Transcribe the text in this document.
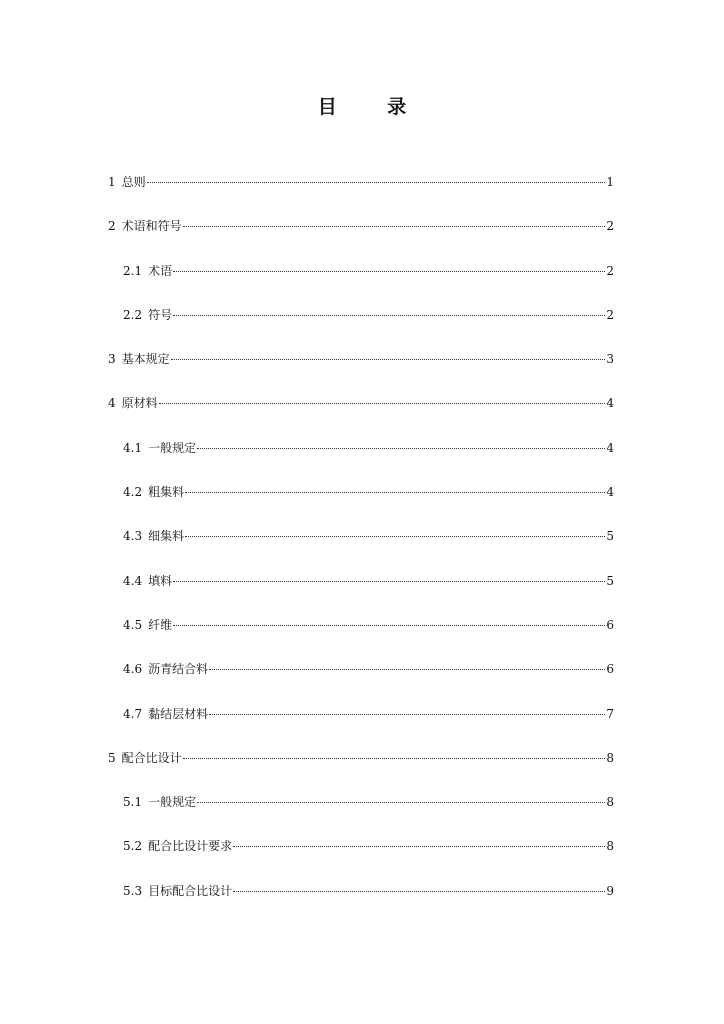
目 录
1 总则	1
2 术语和符号	2
2.1 术语	2
2.2 符号	2
3 基本规定	3
4 原材料	4
4.1 一般规定	4
4.2 粗集料	4
4.3 细集料	5
4.4 填料	5
4.5 纤维	6
4.6 沥青结合料	6
4.7 黏结层材料	7
5 配合比设计	8
5.1 一般规定	8
5.2 配合比设计要求	8
5.3 目标配合比设计	9
